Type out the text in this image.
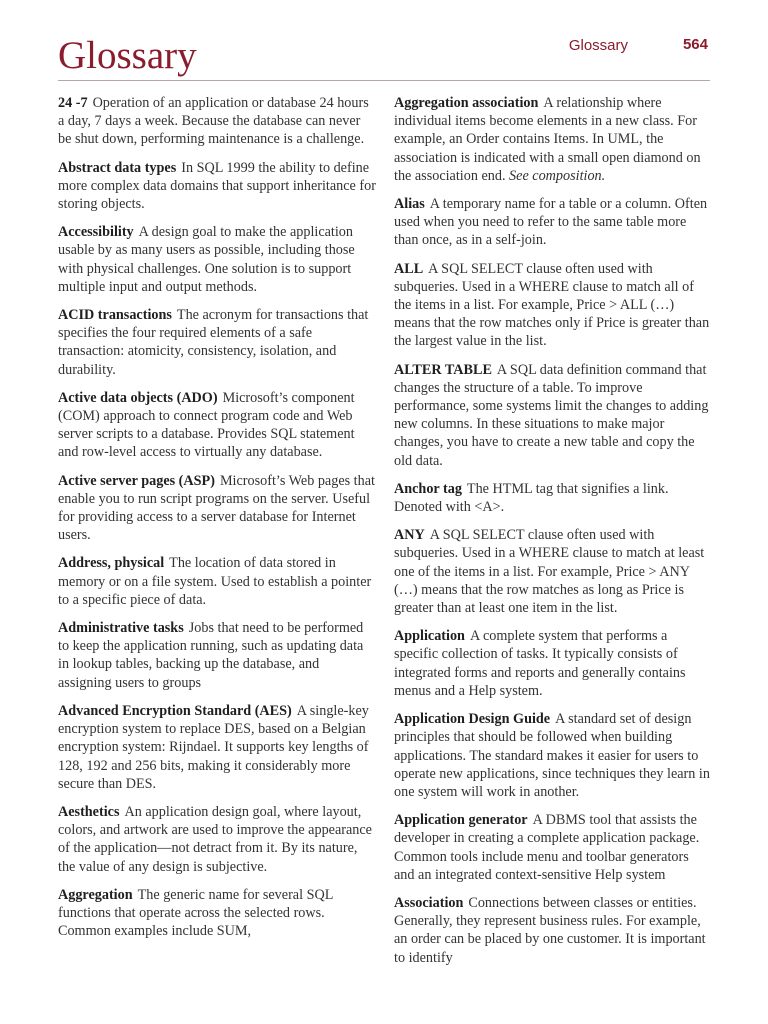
Glossary	Glossary	564

24 -7 Operation of an application or database 24 hours a day, 7 days a week. Because the database can never be shut down, performing maintenance is a challenge.

Abstract data types In SQL 1999 the ability to define more complex data domains that support inheritance for storing objects.

Accessibility A design goal to make the application usable by as many users as possible, including those with physical challenges. One solution is to support multiple input and output methods.

ACID transactions The acronym for transactions that specifies the four required elements of a safe transaction: atomicity, consistency, isolation, and durability.

Active data objects (ADO) Microsoft’s component (COM) approach to connect program code and Web server scripts to a database. Provides SQL statement and row-level access to virtually any database.

Active server pages (ASP) Microsoft’s Web pages that enable you to run script programs on the server. Useful for providing access to a server database for Internet users.

Address, physical The location of data stored in memory or on a file system. Used to establish a pointer to a specific piece of data.

Administrative tasks Jobs that need to be performed to keep the application running, such as updating data in lookup tables, backing up the database, and assigning users to groups

Advanced Encryption Standard (AES) A single-key encryption system to replace DES, based on a Belgian encryption system: Rijndael. It supports key lengths of 128, 192 and 256 bits, making it considerably more secure than DES.

Aesthetics An application design goal, where layout, colors, and artwork are used to improve the appearance of the application—not detract from it. By its nature, the value of any design is subjective.

Aggregation The generic name for several SQL functions that operate across the selected rows. Common examples include SUM,

Aggregation association A relationship where individual items become elements in a new class. For example, an Order contains Items. In UML, the association is indicated with a small open diamond on the association end. See composition.

Alias A temporary name for a table or a column. Often used when you need to refer to the same table more than once, as in a self-join.

ALL A SQL SELECT clause often used with subqueries. Used in a WHERE clause to match all of the items in a list. For example, Price > ALL (…) means that the row matches only if Price is greater than the largest value in the list.

ALTER TABLE A SQL data definition command that changes the structure of a table. To improve performance, some systems limit the changes to adding new columns. In these situations to make major changes, you have to create a new table and copy the old data.

Anchor tag The HTML tag that signifies a link. Denoted with <A>.

ANY A SQL SELECT clause often used with subqueries. Used in a WHERE clause to match at least one of the items in a list. For example, Price > ANY (…) means that the row matches as long as Price is greater than at least one item in the list.

Application A complete system that performs a specific collection of tasks. It typically consists of integrated forms and reports and generally contains menus and a Help system.

Application Design Guide A standard set of design principles that should be followed when building applications. The standard makes it easier for users to operate new applications, since techniques they learn in one system will work in another.

Application generator A DBMS tool that assists the developer in creating a complete application package. Common tools include menu and toolbar generators and an integrated context-sensitive Help system

Association Connections between classes or entities. Generally, they represent business rules. For example, an order can be placed by one customer. It is important to identify
